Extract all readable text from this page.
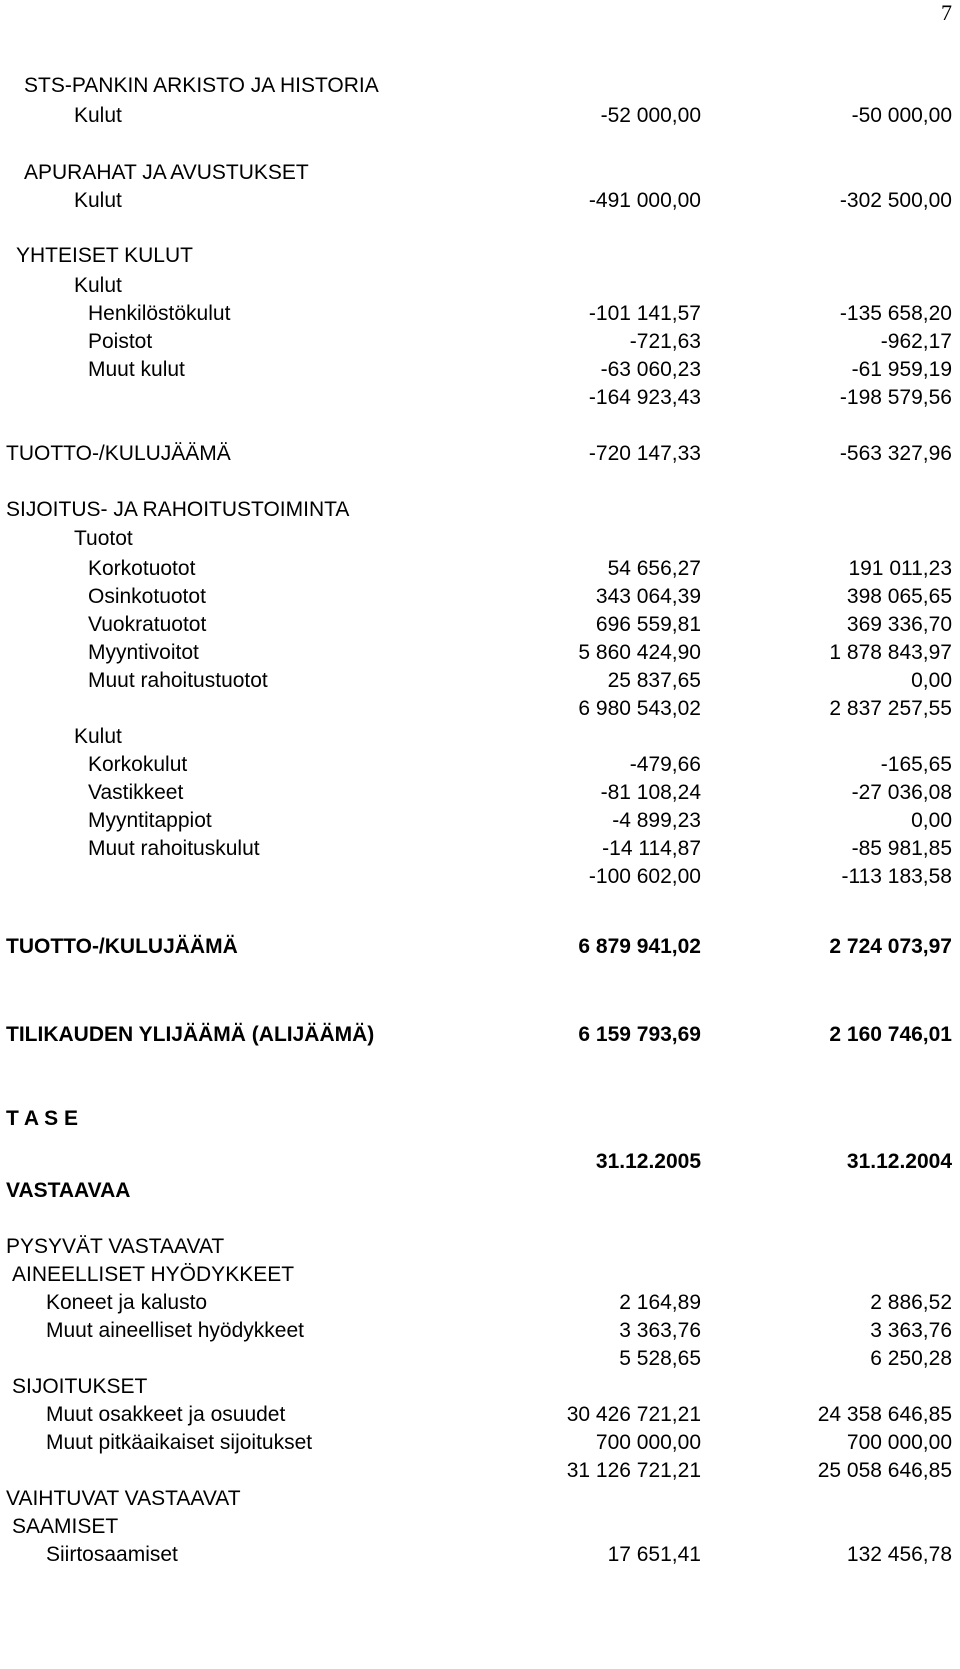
7
STS-PANKIN ARKISTO JA HISTORIA
Kulut	-52 000,00	-50 000,00
APURAHAT JA AVUSTUKSET
Kulut	-491 000,00	-302 500,00
YHTEISET KULUT
Kulut
Henkilöstökulut	-101 141,57	-135 658,20
Poistot	-721,63	-962,17
Muut kulut	-63 060,23	-61 959,19
-164 923,43	-198 579,56
TUOTTO-/KULUJÄÄMÄ	-720 147,33	-563 327,96
SIJOITUS- JA RAHOITUSTOIMINTA
Tuotot
Korkotuotot	54 656,27	191 011,23
Osinkotuotot	343 064,39	398 065,65
Vuokratuotot	696 559,81	369 336,70
Myyntivoitot	5 860 424,90	1 878 843,97
Muut rahoitustuotot	25 837,65	0,00
6 980 543,02	2 837 257,55
Kulut
Korkokulut	-479,66	-165,65
Vastikkeet	-81 108,24	-27 036,08
Myyntitappiot	-4 899,23	0,00
Muut rahoituskulut	-14 114,87	-85 981,85
-100 602,00	-113 183,58
TUOTTO-/KULUJÄÄMÄ	6 879 941,02	2 724 073,97
TILIKAUDEN YLIJÄÄMÄ (ALIJÄÄMÄ)	6 159 793,69	2 160 746,01
T A S E
31.12.2005	31.12.2004
VASTAAVAA
PYSYVÄT VASTAAVAT
AINEELLISET HYÖDYKKEET
Koneet ja kalusto	2 164,89	2 886,52
Muut aineelliset hyödykkeet	3 363,76	3 363,76
5 528,65	6 250,28
SIJOITUKSET
Muut osakkeet ja osuudet	30 426 721,21	24 358 646,85
Muut pitkäaikaiset sijoitukset	700 000,00	700 000,00
31 126 721,21	25 058 646,85
VAIHTUVAT VASTAAVAT
SAAMISET
Siirtosaamiset	17 651,41	132 456,78
